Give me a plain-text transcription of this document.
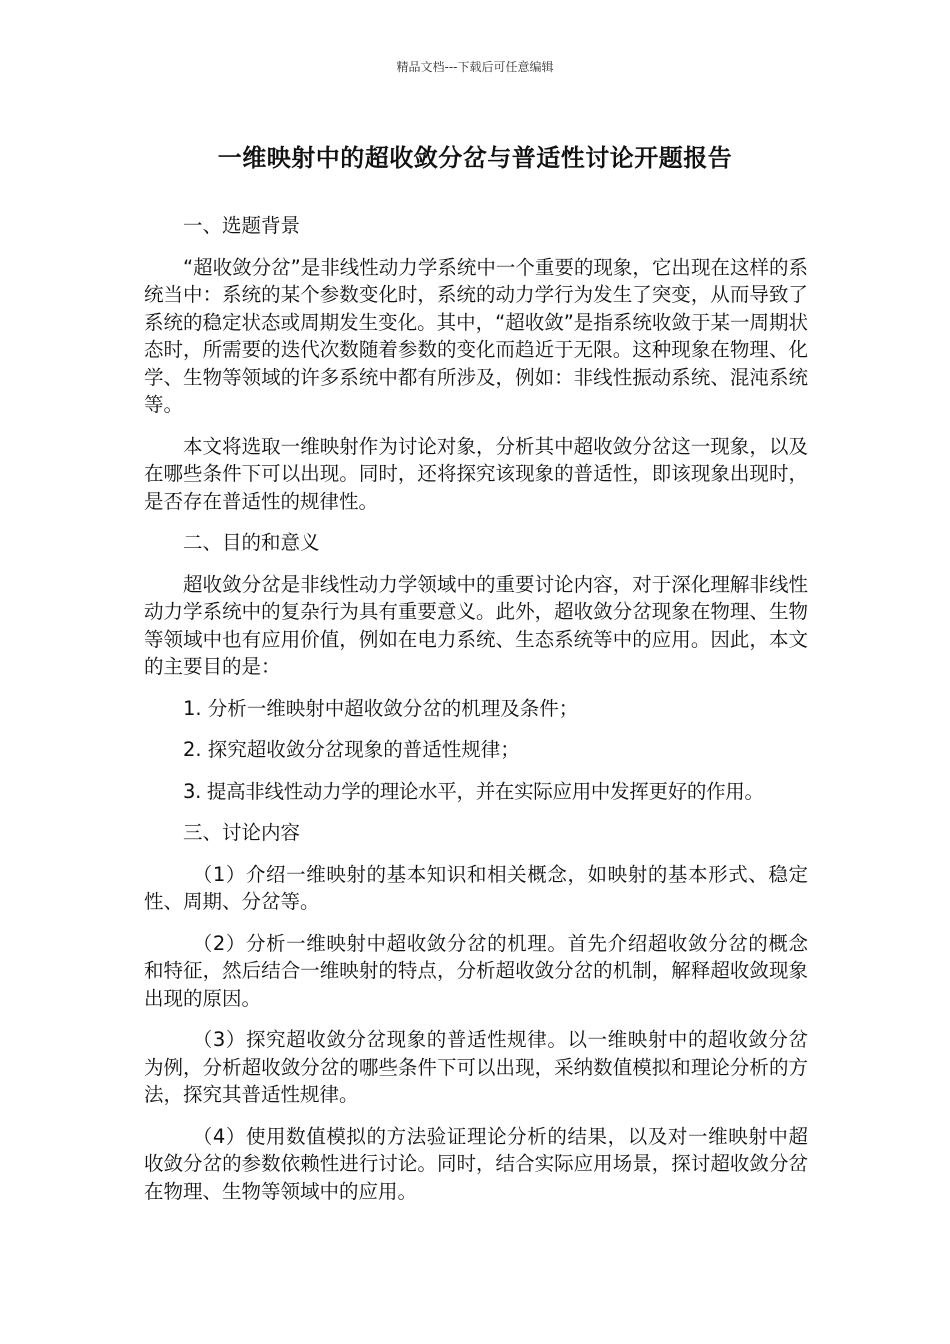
精品文档---下载后可任意编辑
一维映射中的超收敛分岔与普适性讨论开题报告

一、选题背景

“超收敛分岔”是非线性动力学系统中一个重要的现象，它出现在这样的系统当中：系统的某个参数变化时，系统的动力学行为发生了突变，从而导致了系统的稳定状态或周期发生变化。其中，“超收敛”是指系统收敛于某一周期状态时，所需要的迭代次数随着参数的变化而趋近于无限。这种现象在物理、化学、生物等领域的许多系统中都有所涉及，例如：非线性振动系统、混沌系统等。

本文将选取一维映射作为讨论对象，分析其中超收敛分岔这一现象，以及在哪些条件下可以出现。同时，还将探究该现象的普适性，即该现象出现时，是否存在普适性的规律性。

二、目的和意义

超收敛分岔是非线性动力学领域中的重要讨论内容，对于深化理解非线性动力学系统中的复杂行为具有重要意义。此外，超收敛分岔现象在物理、生物等领域中也有应用价值，例如在电力系统、生态系统等中的应用。因此，本文的主要目的是：

1. 分析一维映射中超收敛分岔的机理及条件；

2. 探究超收敛分岔现象的普适性规律；

3. 提高非线性动力学的理论水平，并在实际应用中发挥更好的作用。

三、讨论内容

（1）介绍一维映射的基本知识和相关概念，如映射的基本形式、稳定性、周期、分岔等。

（2）分析一维映射中超收敛分岔的机理。首先介绍超收敛分岔的概念和特征，然后结合一维映射的特点，分析超收敛分岔的机制，解释超收敛现象出现的原因。

（3）探究超收敛分岔现象的普适性规律。以一维映射中的超收敛分岔为例，分析超收敛分岔的哪些条件下可以出现，采纳数值模拟和理论分析的方法，探究其普适性规律。

（4）使用数值模拟的方法验证理论分析的结果，以及对一维映射中超收敛分岔的参数依赖性进行讨论。同时，结合实际应用场景，探讨超收敛分岔在物理、生物等领域中的应用。
